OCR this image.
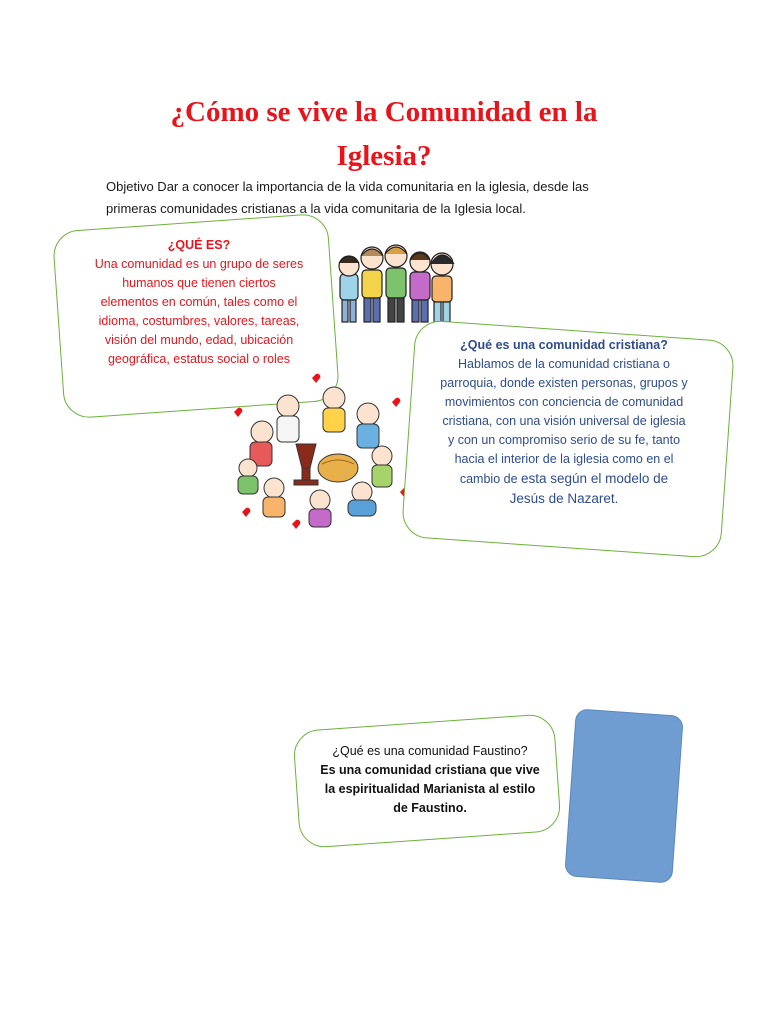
¿Cómo se vive la Comunidad en la
Iglesia?
Objetivo Dar a conocer la importancia de la vida comunitaria en la iglesia, desde las
primeras comunidades cristianas a la vida comunitaria de la Iglesia local.
¿QUÉ ES?
Una comunidad es un grupo de seres
humanos que tienen ciertos
elementos en común, tales como el
idioma, costumbres, valores, tareas,
visión del mundo, edad, ubicación
geográfica, estatus social o roles
¿Qué es una comunidad cristiana?
Hablamos de la comunidad cristiana o
parroquia, donde existen personas, grupos y
movimientos con conciencia de comunidad
cristiana, con una visión universal de iglesia
y con un compromiso serio de su fe, tanto
hacia el interior de la iglesia como en el
cambio de esta según el modelo de
Jesús de Nazaret.
¿Qué es una comunidad Faustino?
Es una comunidad cristiana que vive
la espiritualidad Marianista al estilo
de Faustino.
